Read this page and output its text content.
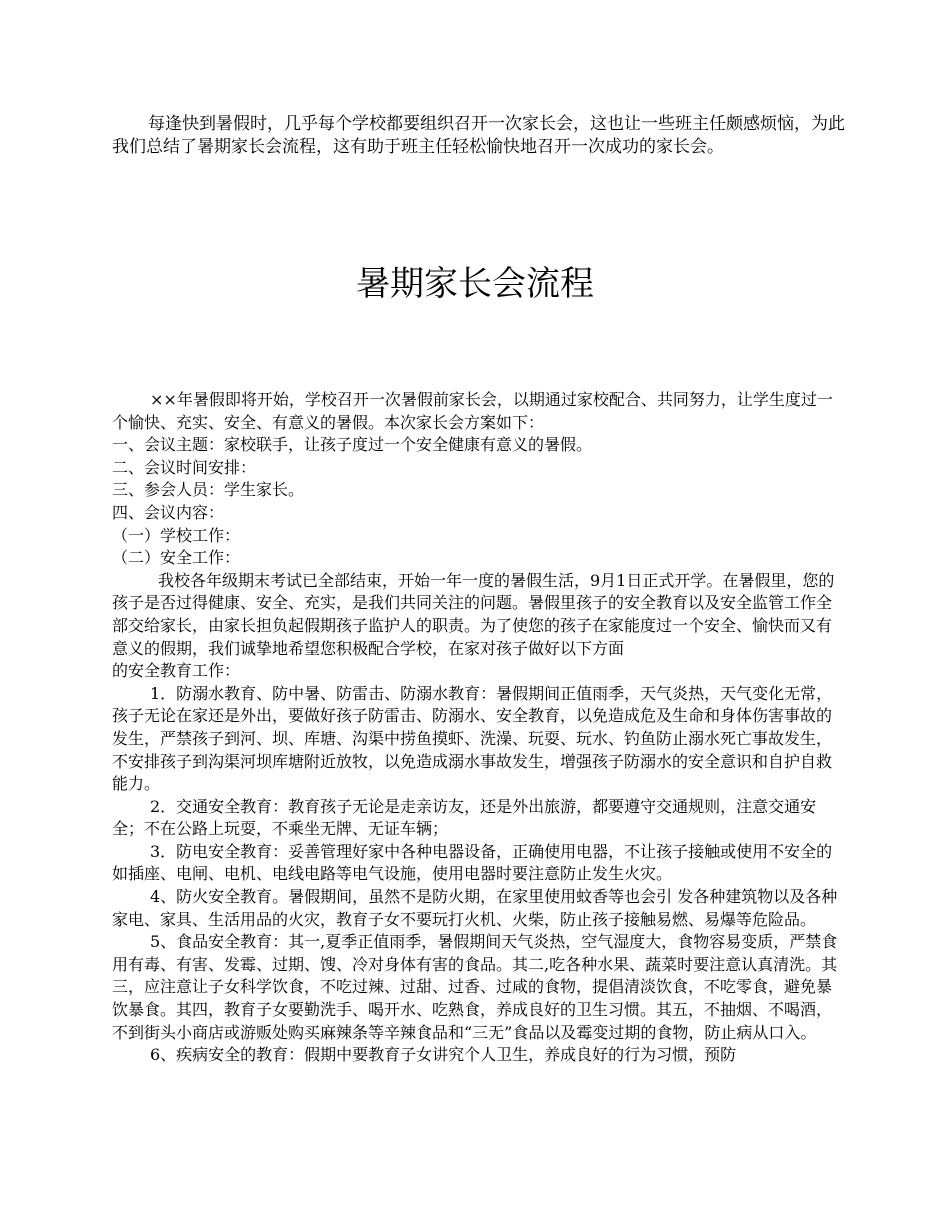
每逢快到暑假时，几乎每个学校都要组织召开一次家长会，这也让一些班主任颇感烦恼，为此我们总结了暑期家长会流程，这有助于班主任轻松愉快地召开一次成功的家长会。

暑期家长会流程

××年暑假即将开始，学校召开一次暑假前家长会，以期通过家校配合、共同努力，让学生度过一个愉快、充实、安全、有意义的暑假。本次家长会方案如下：

一、会议主题：家校联手，让孩子度过一个安全健康有意义的暑假。

二、会议时间安排：

三、参会人员：学生家长。

四、会议内容：

（一）学校工作：

（二）安全工作：

我校各年级期末考试已全部结束，开始一年一度的暑假生活，9月1日正式开学。在暑假里，您的孩子是否过得健康、安全、充实，是我们共同关注的问题。暑假里孩子的安全教育以及安全监管工作全部交给家长，由家长担负起假期孩子监护人的职责。为了使您的孩子在家能度过一个安全、愉快而又有意义的假期，我们诚挚地希望您积极配合学校，在家对孩子做好以下方面

的安全教育工作：

1．防溺水教育、防中暑、防雷击、防溺水教育：暑假期间正值雨季，天气炎热，天气变化无常，孩子无论在家还是外出，要做好孩子防雷击、防溺水、安全教育，以免造成危及生命和身体伤害事故的发生，严禁孩子到河、坝、库塘、沟渠中捞鱼摸虾、洗澡、玩耍、玩水、钓鱼防止溺水死亡事故发生，不安排孩子到沟渠河坝库塘附近放牧，以免造成溺水事故发生，增强孩子防溺水的安全意识和自护自救能力。

2．交通安全教育：教育孩子无论是走亲访友，还是外出旅游，都要遵守交通规则，注意交通安全；不在公路上玩耍，不乘坐无牌、无证车辆；

3．防电安全教育：妥善管理好家中各种电器设备，正确使用电器，不让孩子接触或使用不安全的如插座、电闸、电机、电线电路等电气设施，使用电器时要注意防止发生火灾。

4、防火安全教育。暑假期间，虽然不是防火期，在家里使用蚊香等也会引 发各种建筑物以及各种家电、家具、生活用品的火灾，教育子女不要玩打火机、火柴，防止孩子接触易燃、易爆等危险品。

5、食品安全教育：其一,夏季正值雨季，暑假期间天气炎热，空气湿度大，食物容易变质，严禁食用有毒、有害、发霉、过期、馊、冷对身体有害的食品。其二,吃各种水果、蔬菜时要注意认真清洗。其三，应注意让子女科学饮食，不吃过辣、过甜、过香、过咸的食物，提倡清淡饮食，不吃零食，避免暴饮暴食。其四，教育子女要勤洗手、喝开水、吃熟食，养成良好的卫生习惯。其五，不抽烟、不喝酒，不到街头小商店或游贩处购买麻辣条等辛辣食品和“三无”食品以及霉变过期的食物，防止病从口入。

6、疾病安全的教育：假期中要教育子女讲究个人卫生，养成良好的行为习惯，预防
